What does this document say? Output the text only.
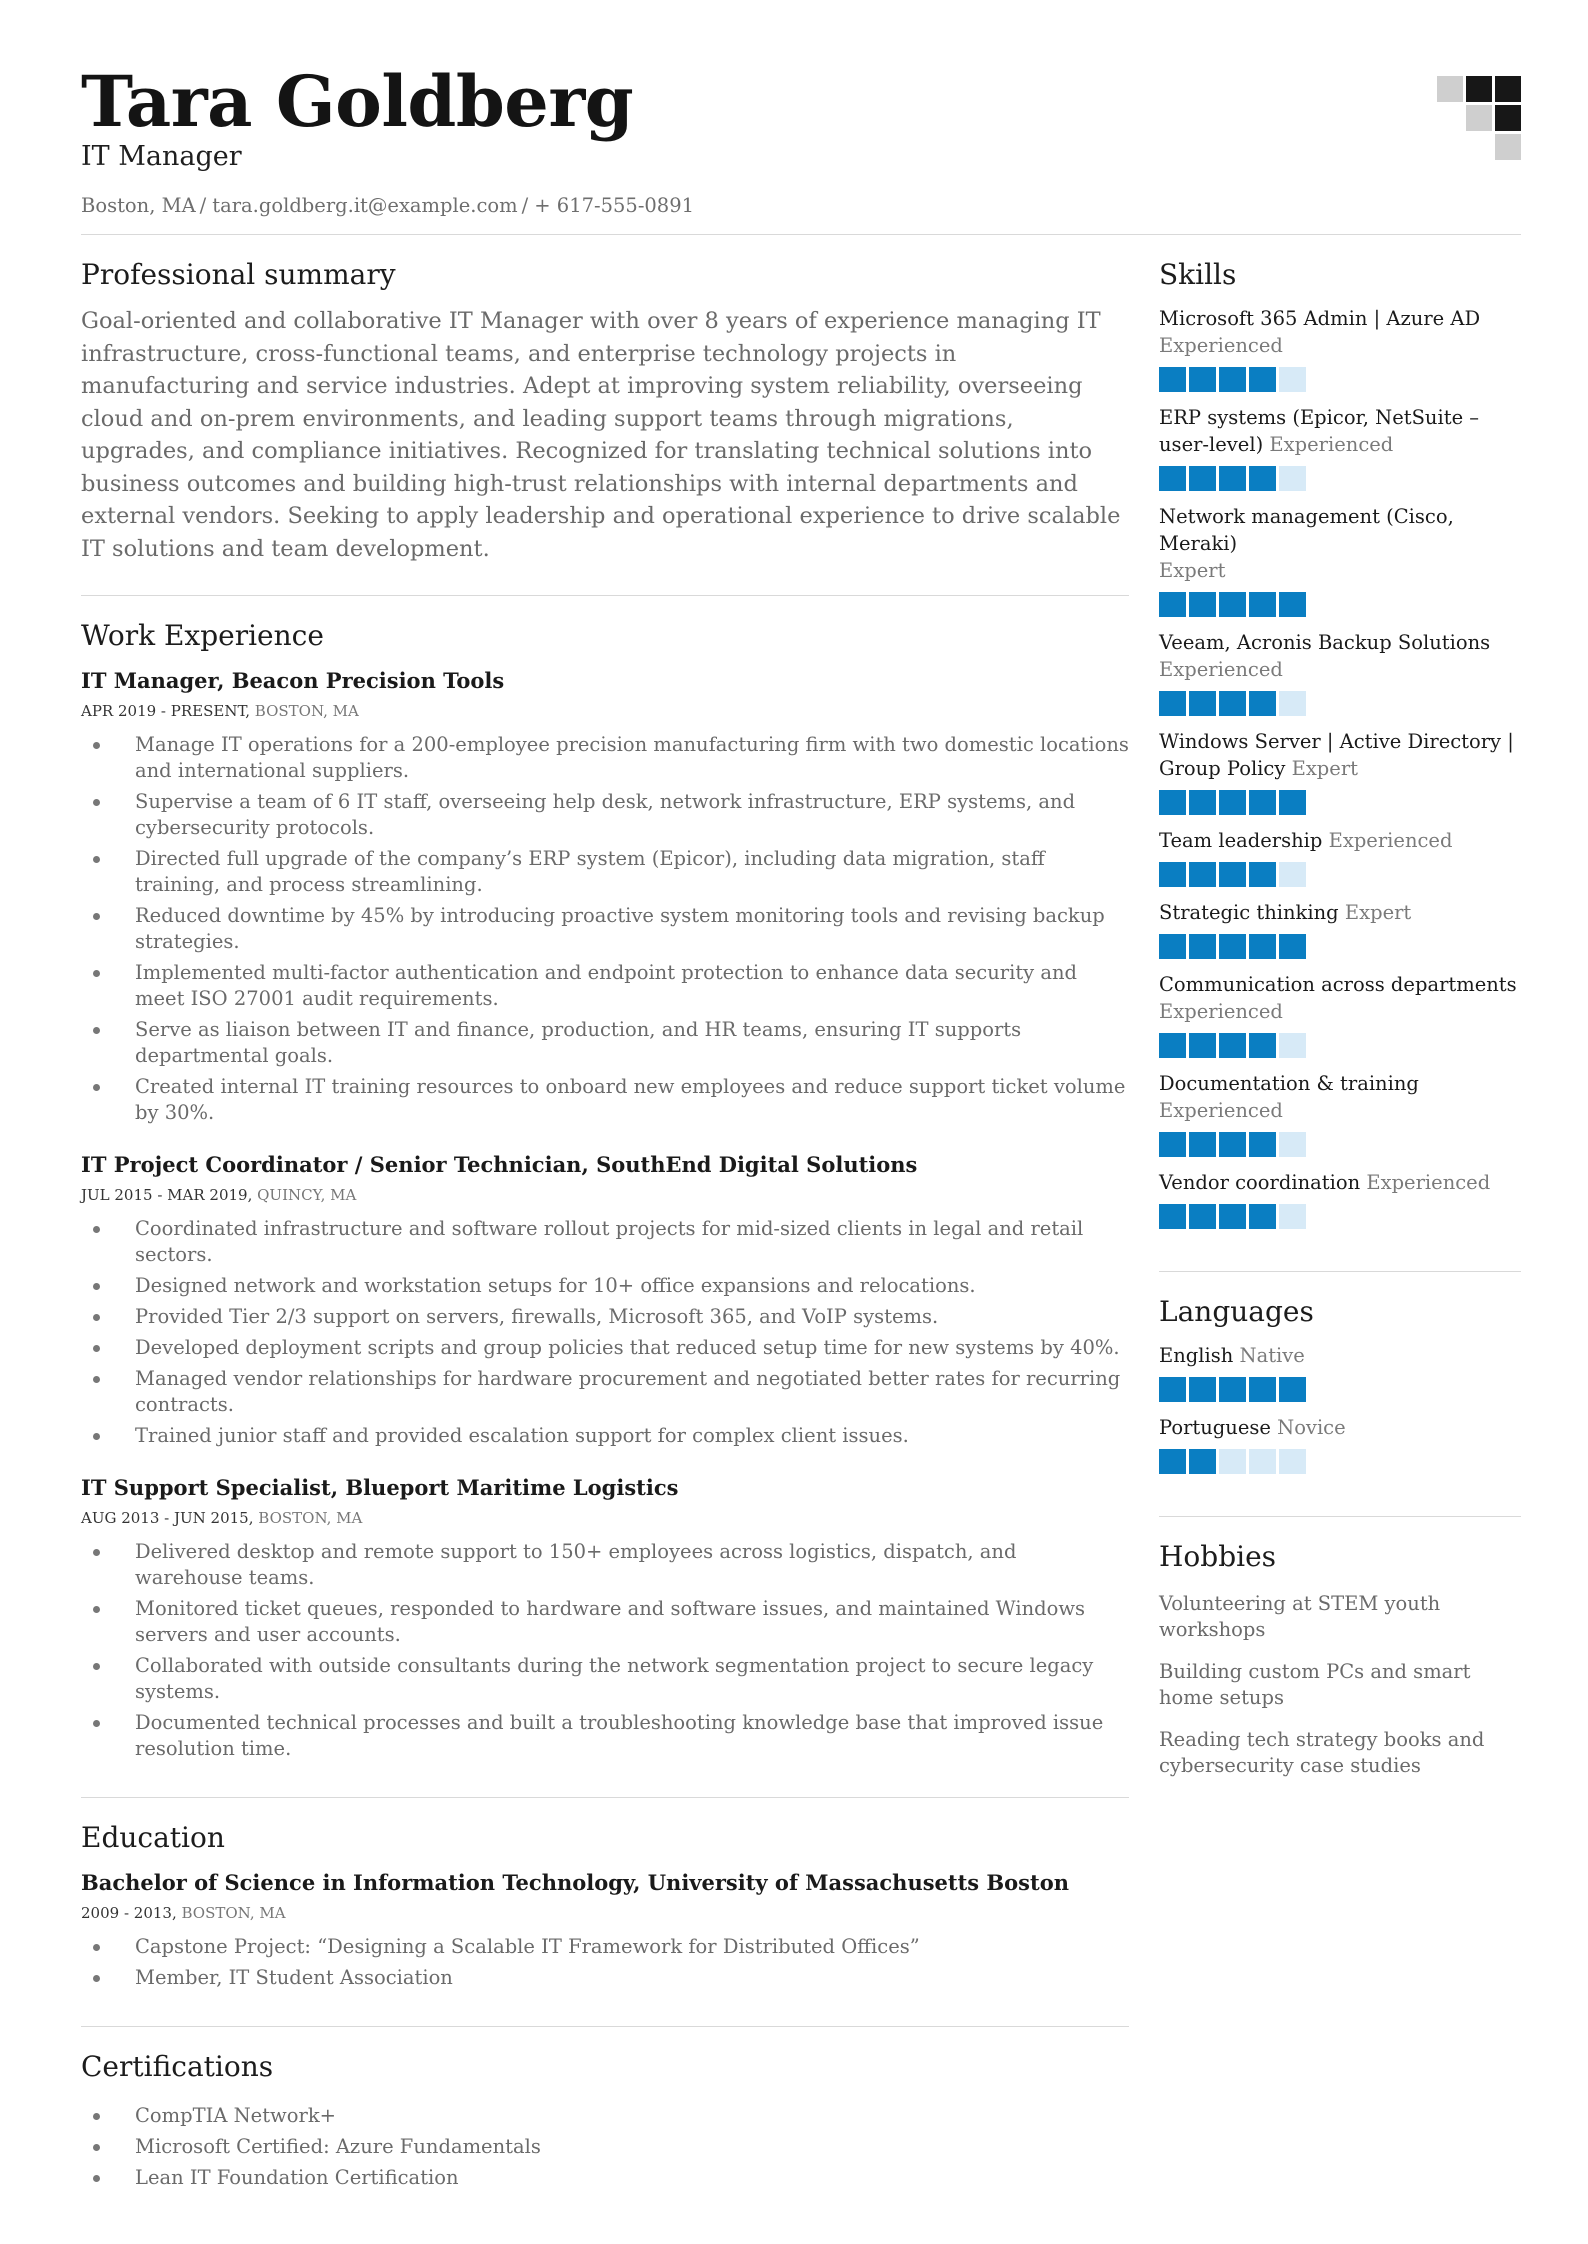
Tara Goldberg
IT Manager
Boston, MA / tara.goldberg.it@example.com / + 617-555-0891
Professional summary

Goal-oriented and collaborative IT Manager with over 8 years of experience managing IT infrastructure, cross-functional teams, and enterprise technology projects in manufacturing and service industries. Adept at improving system reliability, overseeing cloud and on-prem environments, and leading support teams through migrations, upgrades, and compliance initiatives. Recognized for translating technical solutions into business outcomes and building high-trust relationships with internal departments and external vendors. Seeking to apply leadership and operational experience to drive scalable IT solutions and team development.

Work Experience
IT Manager, Beacon Precision Tools
APR 2019 - PRESENT, BOSTON, MA
Manage IT operations for a 200-employee precision manufacturing firm with two domestic locations and international suppliers.
Supervise a team of 6 IT staff, overseeing help desk, network infrastructure, ERP systems, and cybersecurity protocols.
Directed full upgrade of the company’s ERP system (Epicor), including data migration, staff training, and process streamlining.
Reduced downtime by 45% by introducing proactive system monitoring tools and revising backup strategies.
Implemented multi-factor authentication and endpoint protection to enhance data security and meet ISO 27001 audit requirements.
Serve as liaison between IT and finance, production, and HR teams, ensuring IT supports departmental goals.
Created internal IT training resources to onboard new employees and reduce support ticket volume by 30%.
IT Project Coordinator / Senior Technician, SouthEnd Digital Solutions
JUL 2015 - MAR 2019, QUINCY, MA
Coordinated infrastructure and software rollout projects for mid-sized clients in legal and retail sectors.
Designed network and workstation setups for 10+ office expansions and relocations.
Provided Tier 2/3 support on servers, firewalls, Microsoft 365, and VoIP systems.
Developed deployment scripts and group policies that reduced setup time for new systems by 40%.
Managed vendor relationships for hardware procurement and negotiated better rates for recurring contracts.
Trained junior staff and provided escalation support for complex client issues.
IT Support Specialist, Blueport Maritime Logistics
AUG 2013 - JUN 2015, BOSTON, MA
Delivered desktop and remote support to 150+ employees across logistics, dispatch, and warehouse teams.
Monitored ticket queues, responded to hardware and software issues, and maintained Windows servers and user accounts.
Collaborated with outside consultants during the network segmentation project to secure legacy systems.
Documented technical processes and built a troubleshooting knowledge base that improved issue resolution time.
Education
Bachelor of Science in Information Technology, University of Massachusetts Boston
2009 - 2013, BOSTON, MA
Capstone Project: “Designing a Scalable IT Framework for Distributed Offices”
Member, IT Student Association
Certifications
CompTIA Network+
Microsoft Certified: Azure Fundamentals
Lean IT Foundation Certification
Skills
Microsoft 365 Admin | Azure AD
Experienced
ERP systems (Epicor, NetSuite – user-level) Experienced
Network management (Cisco, Meraki)
Expert
Veeam, Acronis Backup Solutions
Experienced
Windows Server | Active Directory | Group Policy Expert
Team leadership Experienced
Strategic thinking Expert
Communication across departments
Experienced
Documentation & training Experienced
Vendor coordination Experienced
Languages
English Native
Portuguese Novice
Hobbies
Volunteering at STEM youth workshops
Building custom PCs and smart home setups
Reading tech strategy books and cybersecurity case studies
